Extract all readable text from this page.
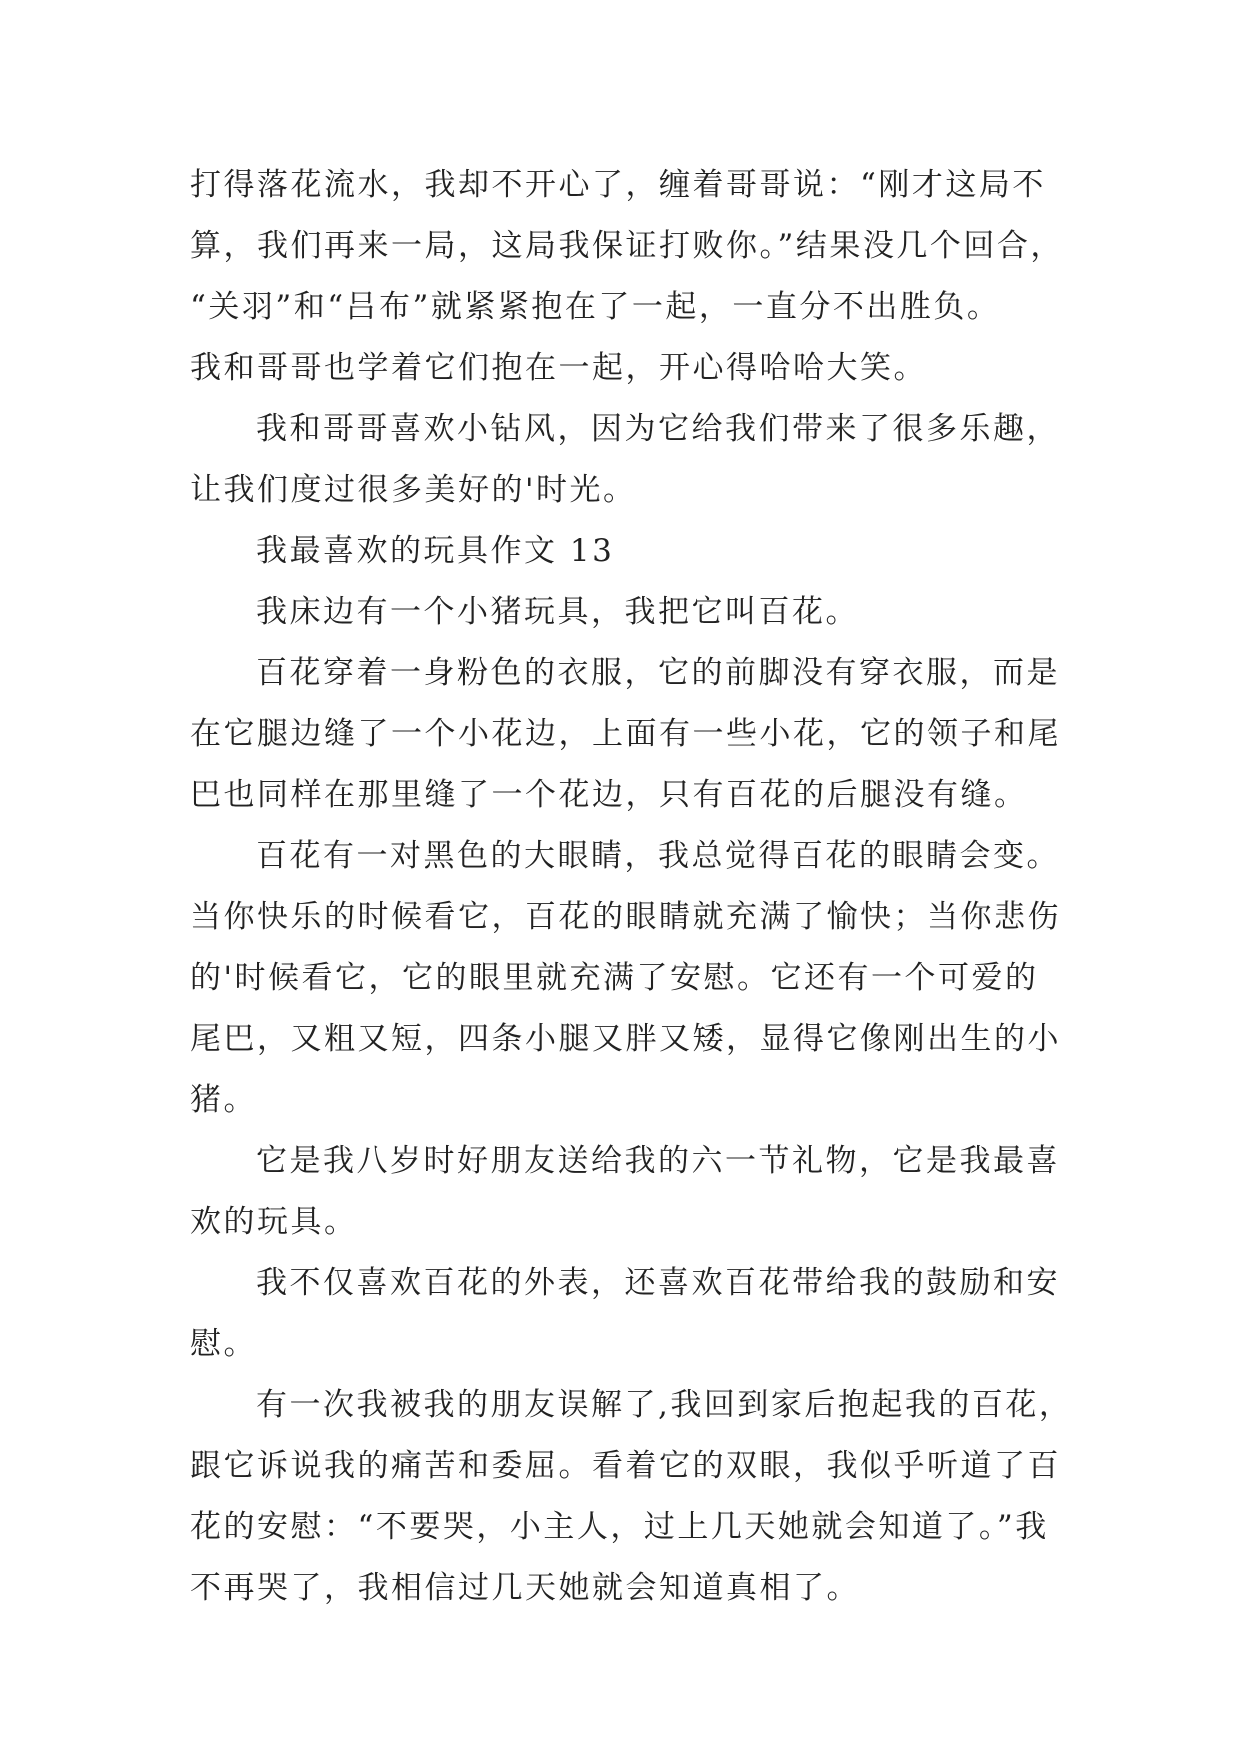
打得落花流水，我却不开心了，缠着哥哥说：“刚才这局不
算，我们再来一局，这局我保证打败你。”结果没几个回合，
“关羽”和“吕布”就紧紧抱在了一起，一直分不出胜负。
我和哥哥也学着它们抱在一起，开心得哈哈大笑。
我和哥哥喜欢小钻风，因为它给我们带来了很多乐趣，
让我们度过很多美好的'时光。
我最喜欢的玩具作文 13
我床边有一个小猪玩具，我把它叫百花。
百花穿着一身粉色的衣服，它的前脚没有穿衣服，而是
在它腿边缝了一个小花边，上面有一些小花，它的领子和尾
巴也同样在那里缝了一个花边，只有百花的后腿没有缝。
百花有一对黑色的大眼睛，我总觉得百花的眼睛会变。
当你快乐的时候看它，百花的眼睛就充满了愉快；当你悲伤
的'时候看它，它的眼里就充满了安慰。它还有一个可爱的
尾巴，又粗又短，四条小腿又胖又矮，显得它像刚出生的小
猪。
它是我八岁时好朋友送给我的六一节礼物，它是我最喜
欢的玩具。
我不仅喜欢百花的外表，还喜欢百花带给我的鼓励和安
慰。
有一次我被我的朋友误解了,我回到家后抱起我的百花，
跟它诉说我的痛苦和委屈。看着它的双眼，我似乎听道了百
花的安慰：“不要哭，小主人，过上几天她就会知道了。”我
不再哭了，我相信过几天她就会知道真相了。
